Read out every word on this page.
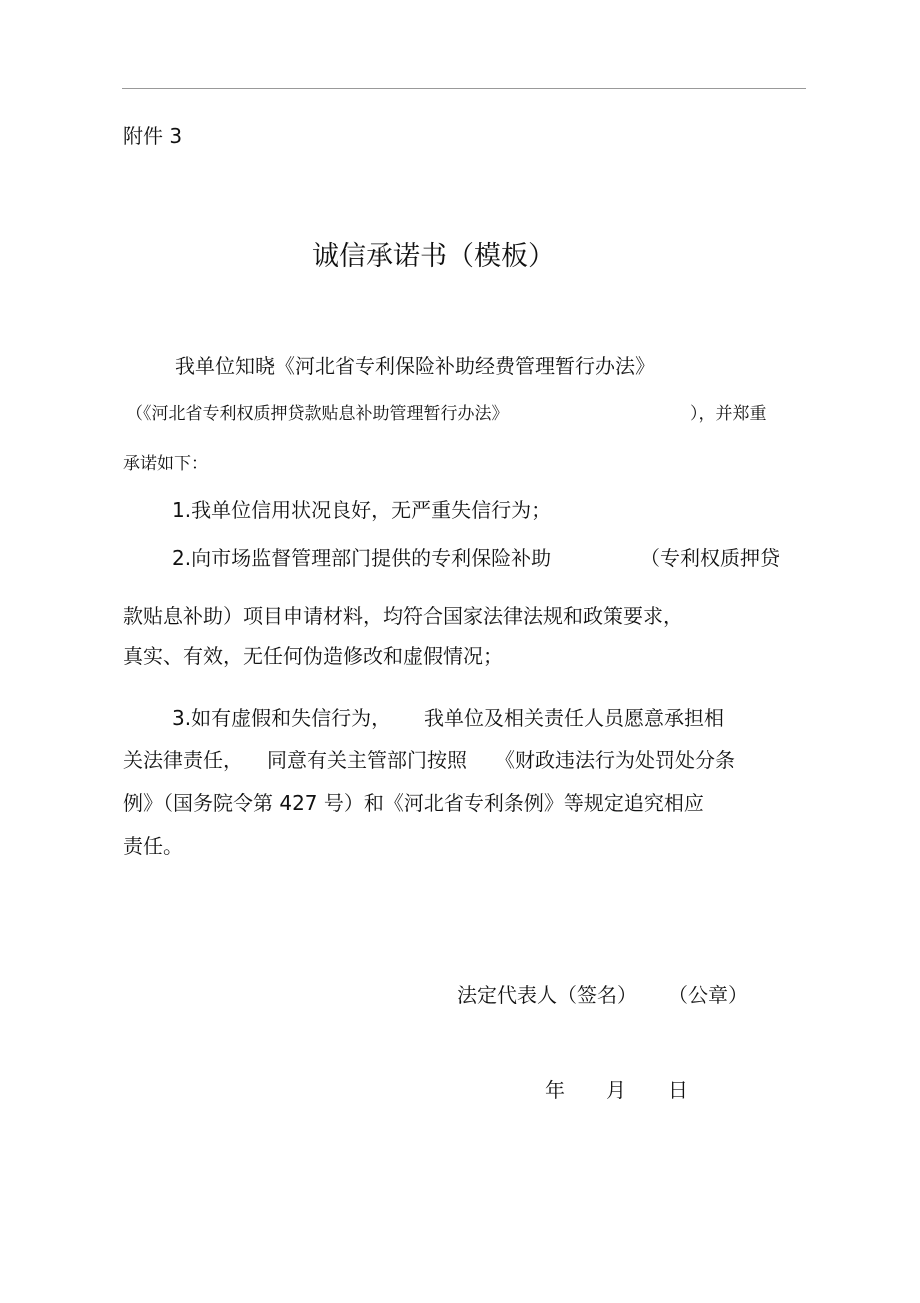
附件 3
诚信承诺书（模板）
我单位知晓《河北省专利保险补助经费管理暂行办法》
（《河北省专利权质押贷款贴息补助管理暂行办法》	），并郑重
承诺如下：
1.我单位信用状况良好，无严重失信行为；
2.向市场监督管理部门提供的专利保险补助	（专利权质押贷
款贴息补助）项目申请材料，均符合国家法律法规和政策要求，
真实、有效，无任何伪造修改和虚假情况；
3.如有虚假和失信行为， 我单位及相关责任人员愿意承担相
关法律责任， 同意有关主管部门按照 《财政违法行为处罚处分条
例》（国务院令第 427 号）和《河北省专利条例》等规定追究相应
责任。
法定代表人（签名） （公章）
年 月 日
